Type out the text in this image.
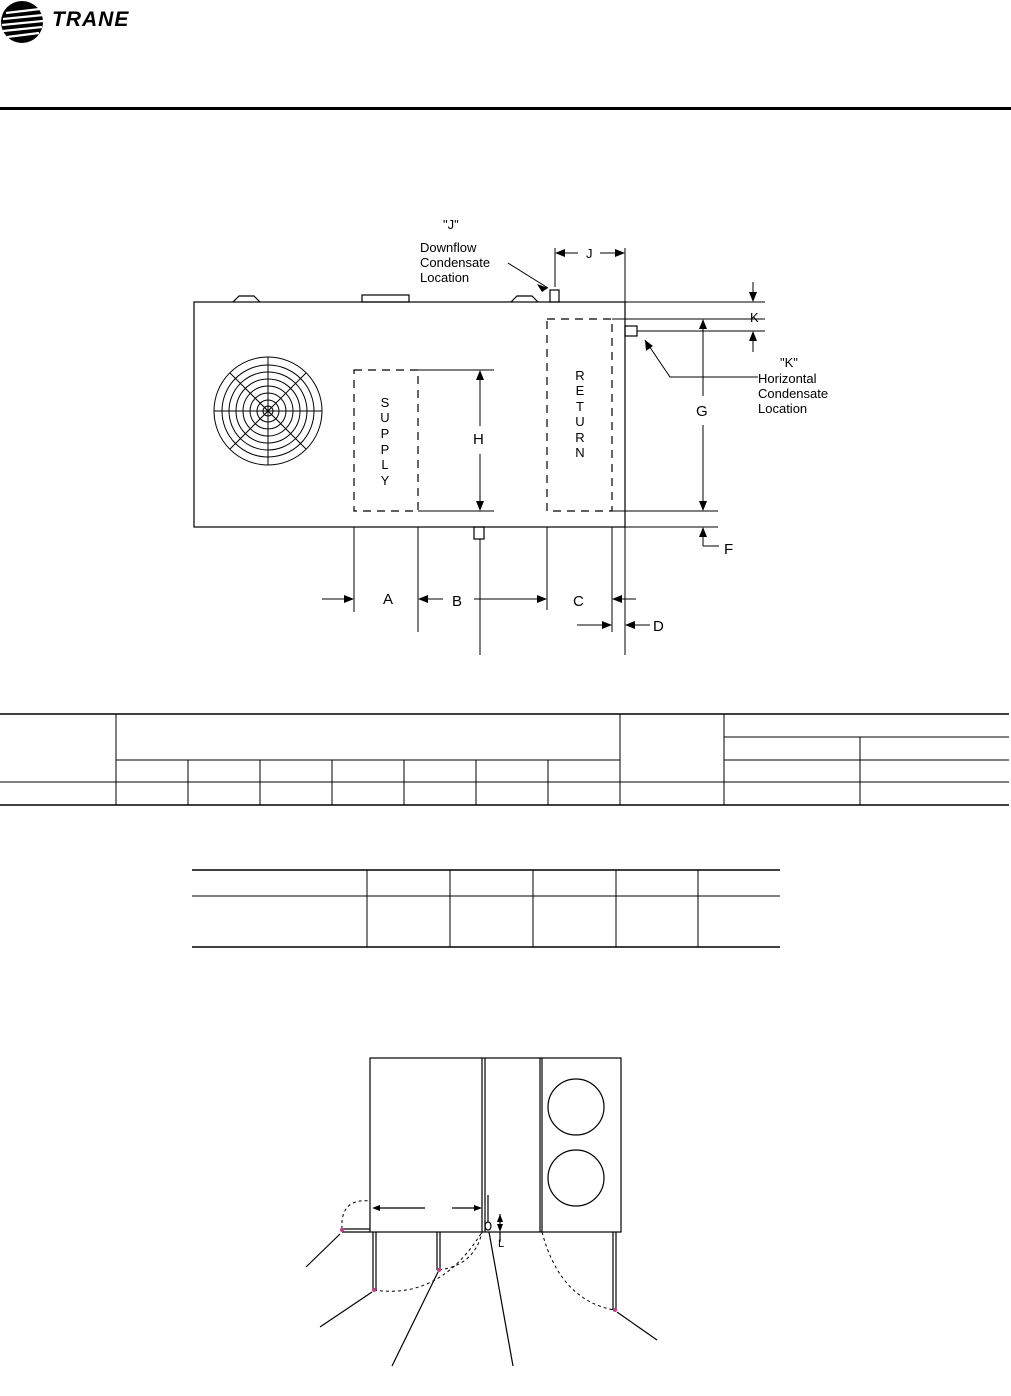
TRANE
S
U
P
P
L
Y
R
E
T
U
R
N
A	B	C
D
F
G
H
J
K
"J"
Downflow
Condensate
Location
"K"
Horizontal
Condensate
Location
L
